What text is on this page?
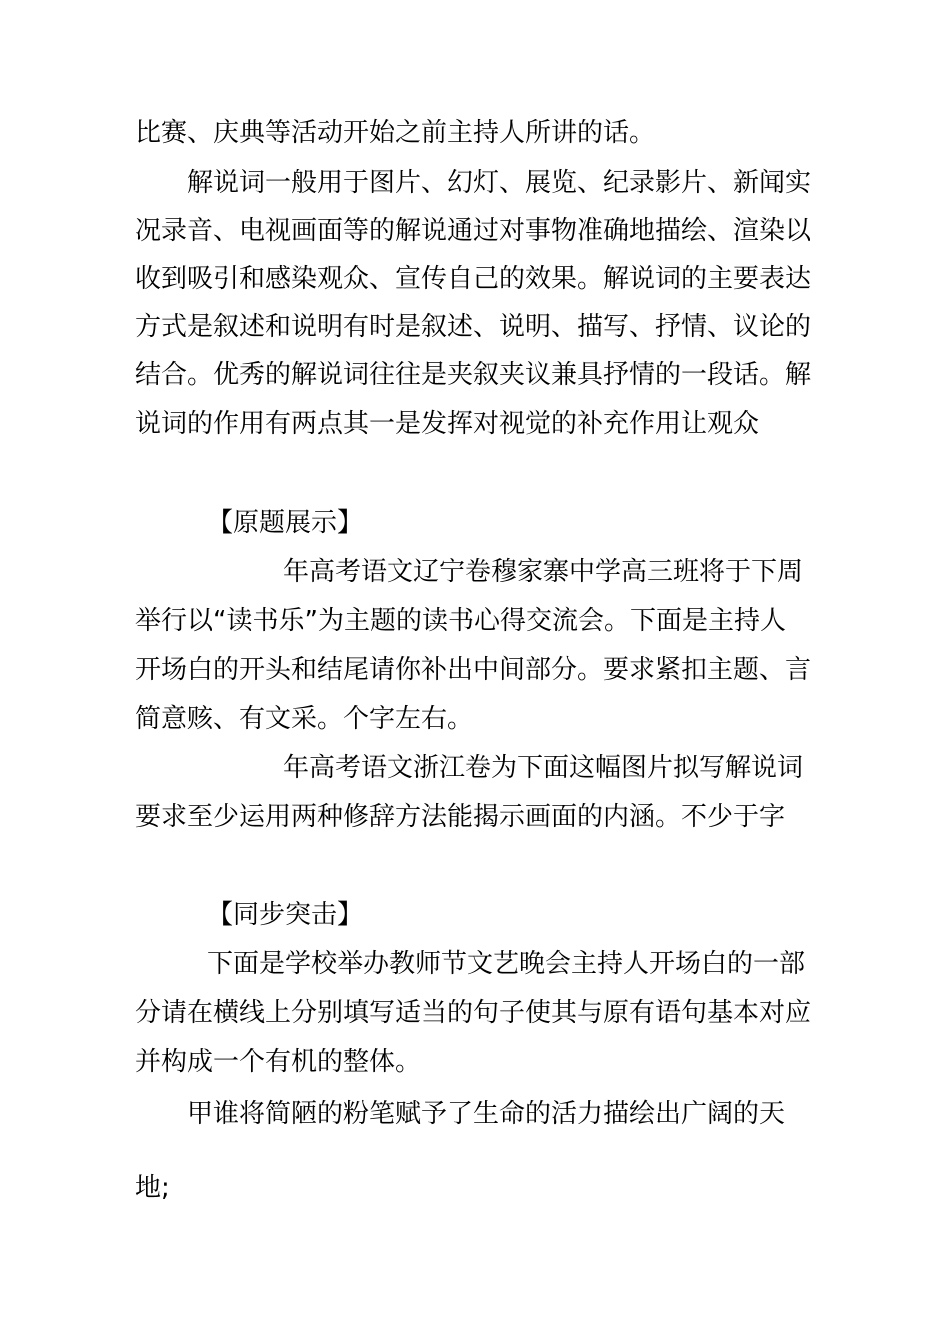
比赛、庆典等活动开始之前主持人所讲的话。

解说词一般用于图片、幻灯、展览、纪录影片、新闻实

况录音、电视画面等的解说通过对事物准确地描绘、渲染以

收到吸引和感染观众、宣传自己的效果。解说词的主要表达

方式是叙述和说明有时是叙述、说明、描写、抒情、议论的

结合。优秀的解说词往往是夹叙夹议兼具抒情的一段话。解

说词的作用有两点其一是发挥对视觉的补充作用让观众

【原题展示】

年高考语文辽宁卷穆家寨中学高三班将于下周

举行以“读书乐”为主题的读书心得交流会。下面是主持人

开场白的开头和结尾请你补出中间部分。要求紧扣主题、言

简意赅、有文采。个字左右。

年高考语文浙江卷为下面这幅图片拟写解说词

要求至少运用两种修辞方法能揭示画面的内涵。不少于字

【同步突击】

下面是学校举办教师节文艺晚会主持人开场白的一部

分请在横线上分别填写适当的句子使其与原有语句基本对应

并构成一个有机的整体。

甲谁将简陋的粉笔赋予了生命的活力描绘出广阔的天

地;
